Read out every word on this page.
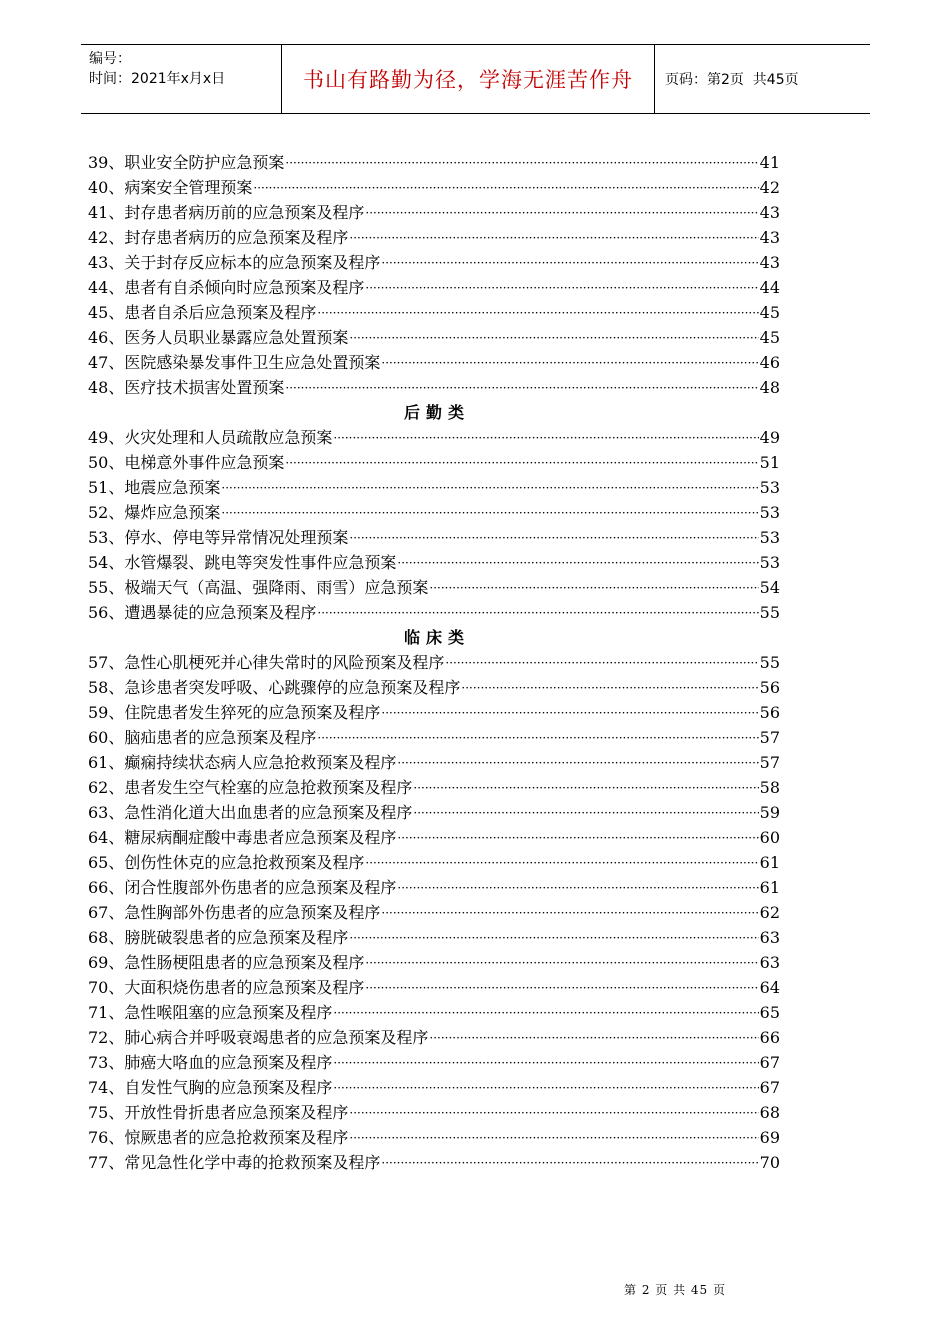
编号：
时间：2021年x月x日	书山有路勤为径，学海无涯苦作舟 页码：第2页  共45页
39、职业安全防护应急预案 ·····	41
40、病案安全管理预案 ·····	42
41、封存患者病历前的应急预案及程序 ·····	43
42、封存患者病历的应急预案及程序 ·····	43
43、关于封存反应标本的应急预案及程序 ·····	43
44、患者有自杀倾向时应急预案及程序 ·····	44
45、患者自杀后应急预案及程序 ·····	45
46、医务人员职业暴露应急处置预案 ·····	45
47、医院感染暴发事件卫生应急处置预案 ·····	46
48、医疗技术损害处置预案 ·····	48
后勤类
49、火灾处理和人员疏散应急预案 ·····	49
50、电梯意外事件应急预案 ·····	51
51、地震应急预案 ·····	53
52、爆炸应急预案 ·····	53
53、停水、停电等异常情况处理预案 ·····	53
54、水管爆裂、跳电等突发性事件应急预案 ·····	53
55、极端天气（高温、强降雨、雨雪）应急预案 ·····	54
56、遭遇暴徒的应急预案及程序 ·····	55
临床类
57、急性心肌梗死并心律失常时的风险预案及程序 ·····	55
58、急诊患者突发呼吸、心跳骤停的应急预案及程序 ·····	56
59、住院患者发生猝死的应急预案及程序 ·····	56
60、脑疝患者的应急预案及程序 ·····	57
61、癫痫持续状态病人应急抢救预案及程序 ·····	57
62、患者发生空气栓塞的应急抢救预案及程序 ·····	58
63、急性消化道大出血患者的应急预案及程序 ·····	59
64、糖尿病酮症酸中毒患者应急预案及程序 ·····	60
65、创伤性休克的应急抢救预案及程序 ·····	61
66、闭合性腹部外伤患者的应急预案及程序 ·····	61
67、急性胸部外伤患者的应急预案及程序 ·····	62
68、膀胱破裂患者的应急预案及程序 ·····	63
69、急性肠梗阻患者的应急预案及程序 ·····	63
70、大面积烧伤患者的应急预案及程序 ·····	64
71、急性喉阻塞的应急预案及程序 ·····	65
72、肺心病合并呼吸衰竭患者的应急预案及程序 ·····	66
73、肺癌大咯血的应急预案及程序 ·····	67
74、自发性气胸的应急预案及程序 ·····	67
75、开放性骨折患者应急预案及程序 ·····	68
76、惊厥患者的应急抢救预案及程序 ·····	69
77、常见急性化学中毒的抢救预案及程序 ·····	70
第 2 页 共 45 页
